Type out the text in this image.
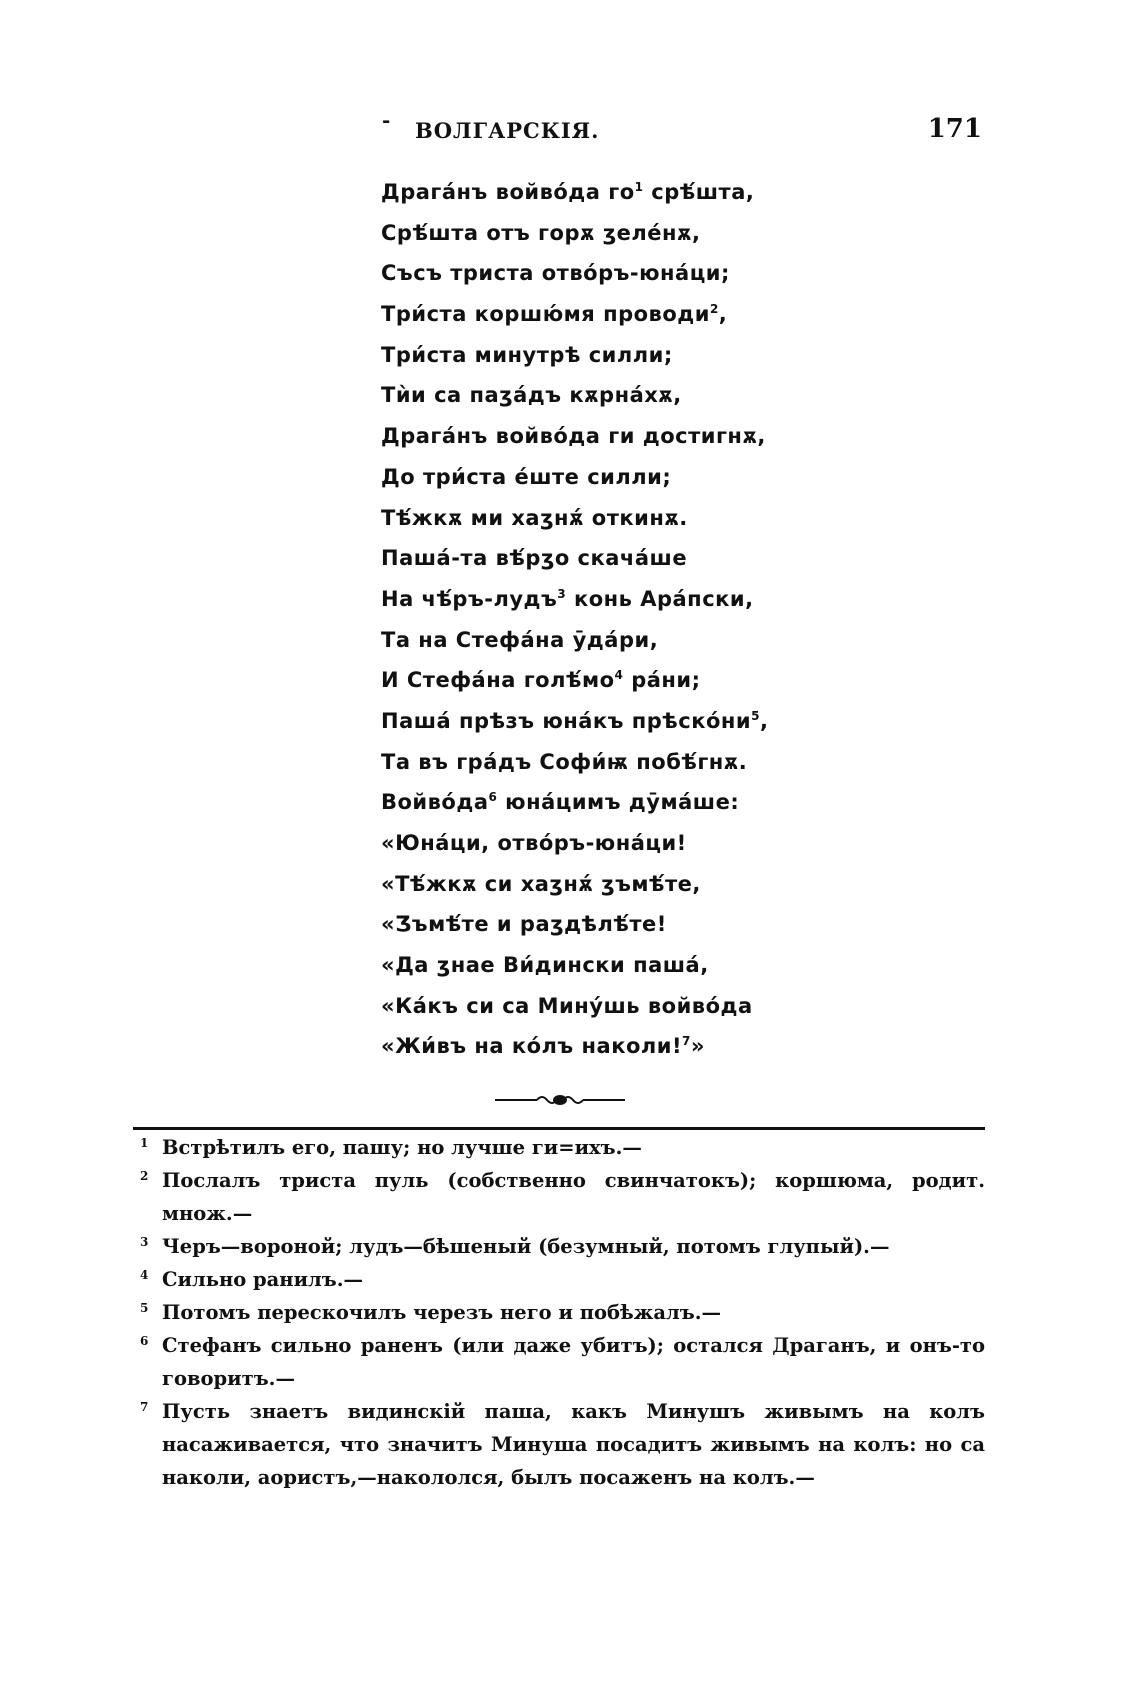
- ВОЛГАРСКIЯ.	171
Драга́нъ войво́да $го^1$ срѣ́шта,
Срѣ́шта отъ горѫ ӡеле́нѫ,
Съсъ триста отво́ръ-юна́ци;
Три́ста коршю́мя проводи$^2$,
Три́ста минутрѣ силли;
Тѝи са паӡа́дъ кѫрна́хѫ,
Драга́нъ войво́да ги достигнѫ,
До три́ста е́ште силли;
Тѣ́жкѫ ми хаӡнѫ́ откинѫ.
Паша́-та вѣ́рӡо скача́ше
На чѣ́ръ-лудъ$^3$ конь Ара́пски,
Та на Стефа́на ӯда́ри,
И Стефа́на $голѣ́мо^4$ ра́ни;
Паша́ прѣзъ юна́къ $прѣско́ни^5$,
Та въ гра́дъ Софи́ѭ побѣ́гнѫ.
$Войво́да^6$ юна́цимъ дӯма́ше:
«Юна́ци, отво́ръ-юна́ци!
«Тѣ́жкѫ си хаӡнѫ́ ӡъмѣ́те,
«Ӡъмѣ́те и раӡдѣлѣ́те!
«Да ӡнае Ви́дински паша́,
«Ка́къ си са Мину́шь войво́да
«Жи́въ на ко́лъ наколи!$^7$»
1 Встрѣтилъ его, пашу; но лучше ги=ихъ.—
2 Послалъ триста пуль (собственно свинчатокъ); коршюма, родит. множ.—
3 Черъ—вороной; лудъ—бѣшеный (безумный, потомъ глупый).—
4 Сильно ранилъ.—
5 Потомъ перескочилъ черезъ него и побѣжалъ.—
6 Стефанъ сильно раненъ (или даже убитъ); остался Драганъ, и онъ-то говоритъ.—
7 Пусть знаетъ видинскій паша, какъ Минушъ живымъ на колъ насаживается, что значитъ Минуша посадитъ живымъ на колъ: но са наколи, аористъ,—накололся, былъ посаженъ на колъ.—
